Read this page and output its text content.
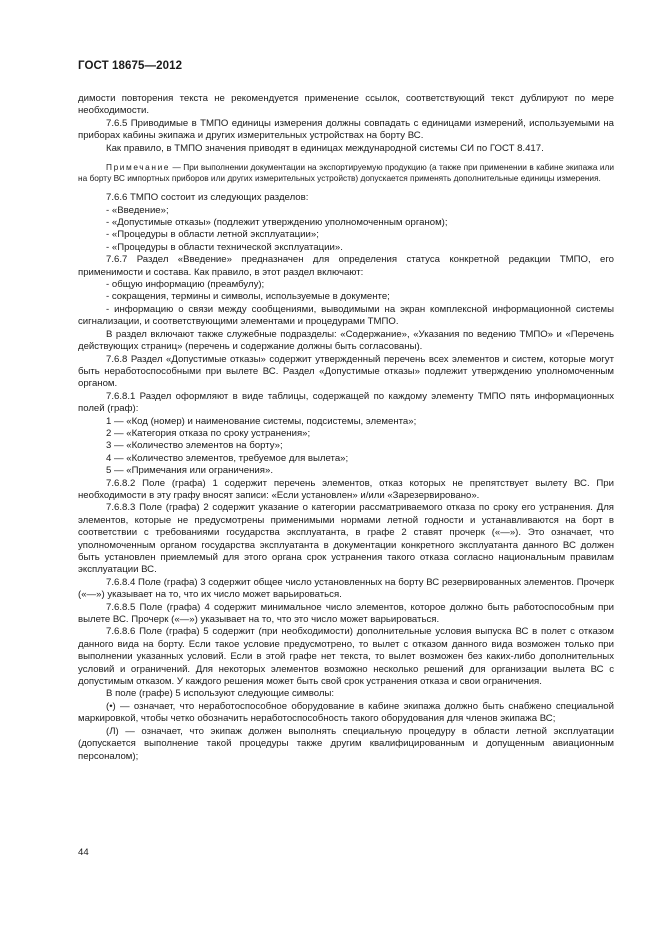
ГОСТ 18675—2012

димости повторения текста не рекомендуется применение ссылок, соответствующий текст дублируют по мере необходимости.

7.6.5 Приводимые в ТМПО единицы измерения должны совпадать с единицами измерений, используемыми на приборах кабины экипажа и других измерительных устройствах на борту ВС.

Как правило, в ТМПО значения приводят в единицах международной системы СИ по ГОСТ 8.417.

Примечание — При выполнении документации на экспортируемую продукцию (а также при применении в кабине экипажа или на борту ВС импортных приборов или других измерительных устройств) допускается применять дополнительные единицы измерения.

7.6.6 ТМПО состоит из следующих разделов:

- «Введение»;

- «Допустимые отказы» (подлежит утверждению уполномоченным органом);

- «Процедуры в области летной эксплуатации»;

- «Процедуры в области технической эксплуатации».

7.6.7 Раздел «Введение» предназначен для определения статуса конкретной редакции ТМПО, его применимости и состава. Как правило, в этот раздел включают:

- общую информацию (преамбулу);

- сокращения, термины и символы, используемые в документе;

- информацию о связи между сообщениями, выводимыми на экран комплексной информационной системы сигнализации, и соответствующими элементами и процедурами ТМПО.

В раздел включают также служебные подразделы: «Содержание», «Указания по ведению ТМПО» и «Перечень действующих страниц» (перечень и содержание должны быть согласованы).

7.6.8 Раздел «Допустимые отказы» содержит утвержденный перечень всех элементов и систем, которые могут быть неработоспособными при вылете ВС. Раздел «Допустимые отказы» подлежит утверждению уполномоченным органом.

7.6.8.1 Раздел оформляют в виде таблицы, содержащей по каждому элементу ТМПО пять информационных полей (граф):

1 — «Код (номер) и наименование системы, подсистемы, элемента»;

2 — «Категория отказа по сроку устранения»;

3 — «Количество элементов на борту»;

4 — «Количество элементов, требуемое для вылета»;

5 — «Примечания или ограничения».

7.6.8.2 Поле (графа) 1 содержит перечень элементов, отказ которых не препятствует вылету ВС. При необходимости в эту графу вносят записи: «Если установлен» и/или «Зарезервировано».

7.6.8.3 Поле (графа) 2 содержит указание о категории рассматриваемого отказа по сроку его устранения. Для элементов, которые не предусмотрены применимыми нормами летной годности и устанавливаются на борт в соответствии с требованиями государства эксплуатанта, в графе 2 ставят прочерк («—»). Это означает, что уполномоченным органом государства эксплуатанта в документации конкретного эксплуатанта данного ВС должен быть установлен приемлемый для этого органа срок устранения такого отказа согласно национальным правилам эксплуатации ВС.

7.6.8.4 Поле (графа) 3 содержит общее число установленных на борту ВС резервированных элементов. Прочерк («—») указывает на то, что их число может варьироваться.

7.6.8.5 Поле (графа) 4 содержит минимальное число элементов, которое должно быть работоспособным при вылете ВС. Прочерк («—») указывает на то, что это число может варьироваться.

7.6.8.6 Поле (графа) 5 содержит (при необходимости) дополнительные условия выпуска ВС в полет с отказом данного вида на борту. Если такое условие предусмотрено, то вылет с отказом данного вида возможен только при выполнении указанных условий. Если в этой графе нет текста, то вылет возможен без каких-либо дополнительных условий и ограничений. Для некоторых элементов возможно несколько решений для организации вылета ВС с допустимым отказом. У каждого решения может быть свой срок устранения отказа и свои ограничения.

В поле (графе) 5 используют следующие символы:

(•) — означает, что неработоспособное оборудование в кабине экипажа должно быть снабжено специальной маркировкой, чтобы четко обозначить неработоспособность такого оборудования для членов экипажа ВС;

(Л) — означает, что экипаж должен выполнять специальную процедуру в области летной эксплуатации (допускается выполнение такой процедуры также другим квалифицированным и допущенным авиационным персоналом);

44
